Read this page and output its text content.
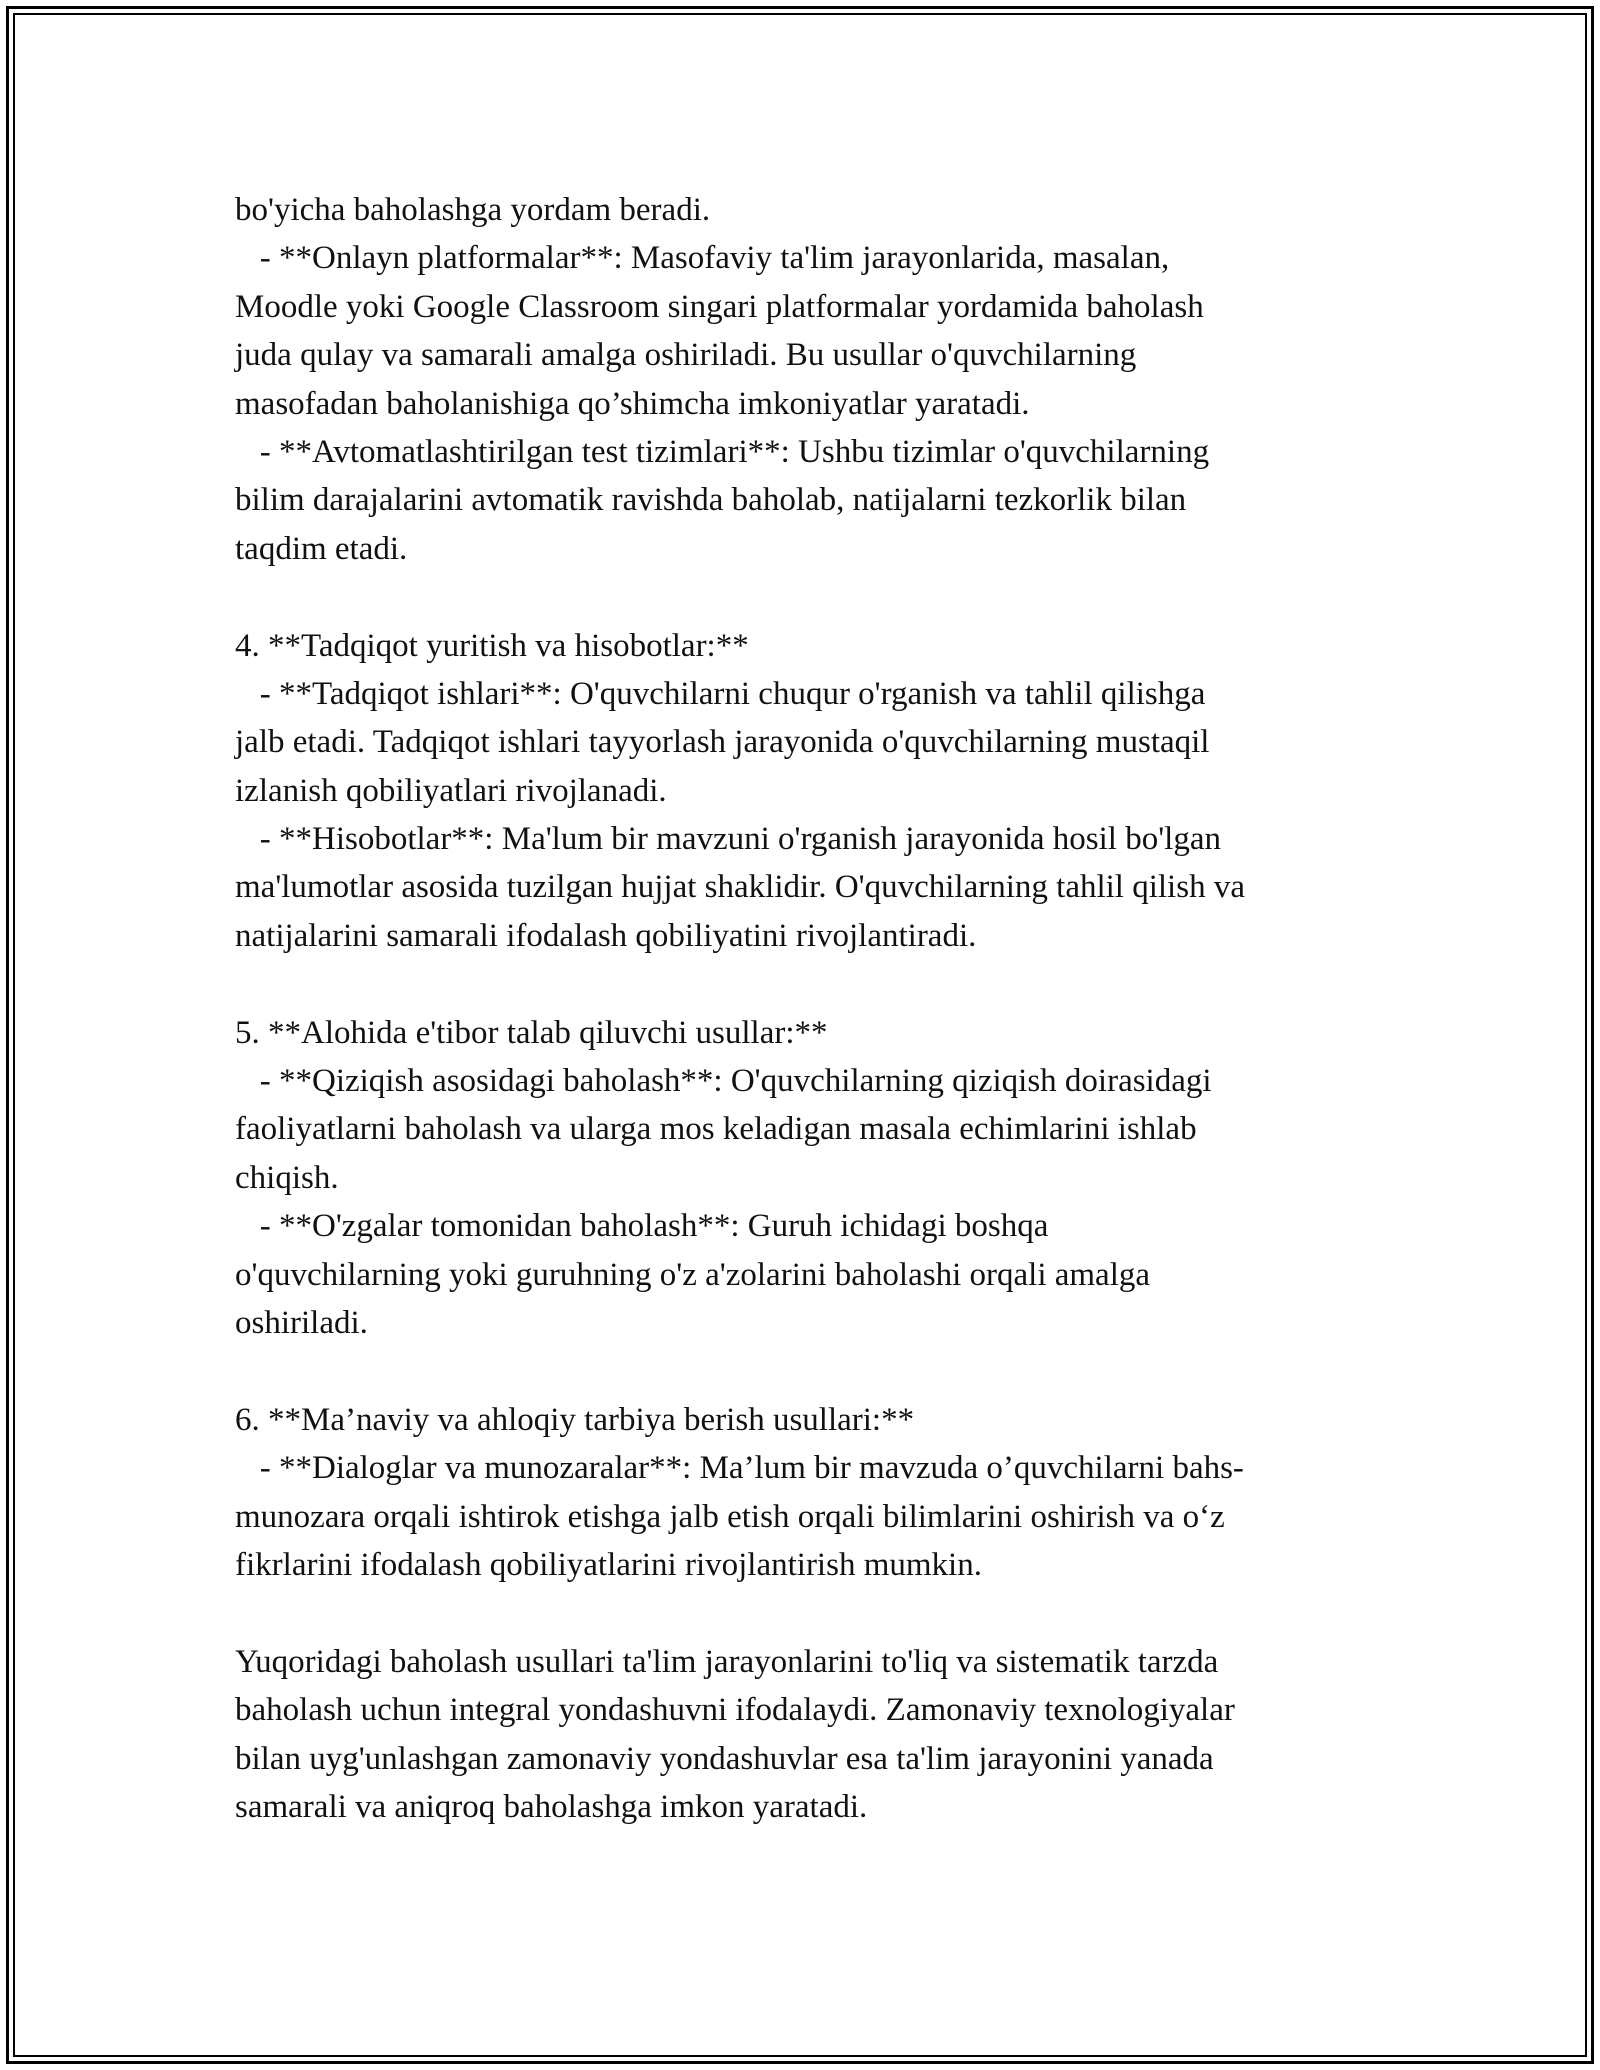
bo'yicha baholashga yordam beradi.
- **Onlayn platformalar**: Masofaviy ta'lim jarayonlarida, masalan,
Moodle yoki Google Classroom singari platformalar yordamida baholash
juda qulay va samarali amalga oshiriladi. Bu usullar o'quvchilarning
masofadan baholanishiga qo’shimcha imkoniyatlar yaratadi.
- **Avtomatlashtirilgan test tizimlari**: Ushbu tizimlar o'quvchilarning
bilim darajalarini avtomatik ravishda baholab, natijalarni tezkorlik bilan
taqdim etadi.
4. **Tadqiqot yuritish va hisobotlar:**
- **Tadqiqot ishlari**: O'quvchilarni chuqur o'rganish va tahlil qilishga
jalb etadi. Tadqiqot ishlari tayyorlash jarayonida o'quvchilarning mustaqil
izlanish qobiliyatlari rivojlanadi.
- **Hisobotlar**: Ma'lum bir mavzuni o'rganish jarayonida hosil bo'lgan
ma'lumotlar asosida tuzilgan hujjat shaklidir. O'quvchilarning tahlil qilish va
natijalarini samarali ifodalash qobiliyatini rivojlantiradi.
5. **Alohida e'tibor talab qiluvchi usullar:**
- **Qiziqish asosidagi baholash**: O'quvchilarning qiziqish doirasidagi
faoliyatlarni baholash va ularga mos keladigan masala echimlarini ishlab
chiqish.
- **O'zgalar tomonidan baholash**: Guruh ichidagi boshqa
o'quvchilarning yoki guruhning o'z a'zolarini baholashi orqali amalga
oshiriladi.
6. **Ma’naviy va ahloqiy tarbiya berish usullari:**
- **Dialoglar va munozaralar**: Ma’lum bir mavzuda o’quvchilarni bahs-
munozara orqali ishtirok etishga jalb etish orqali bilimlarini oshirish va o‘z
fikrlarini ifodalash qobiliyatlarini rivojlantirish mumkin.
Yuqoridagi baholash usullari ta'lim jarayonlarini to'liq va sistematik tarzda
baholash uchun integral yondashuvni ifodalaydi. Zamonaviy texnologiyalar
bilan uyg'unlashgan zamonaviy yondashuvlar esa ta'lim jarayonini yanada
samarali va aniqroq baholashga imkon yaratadi.
